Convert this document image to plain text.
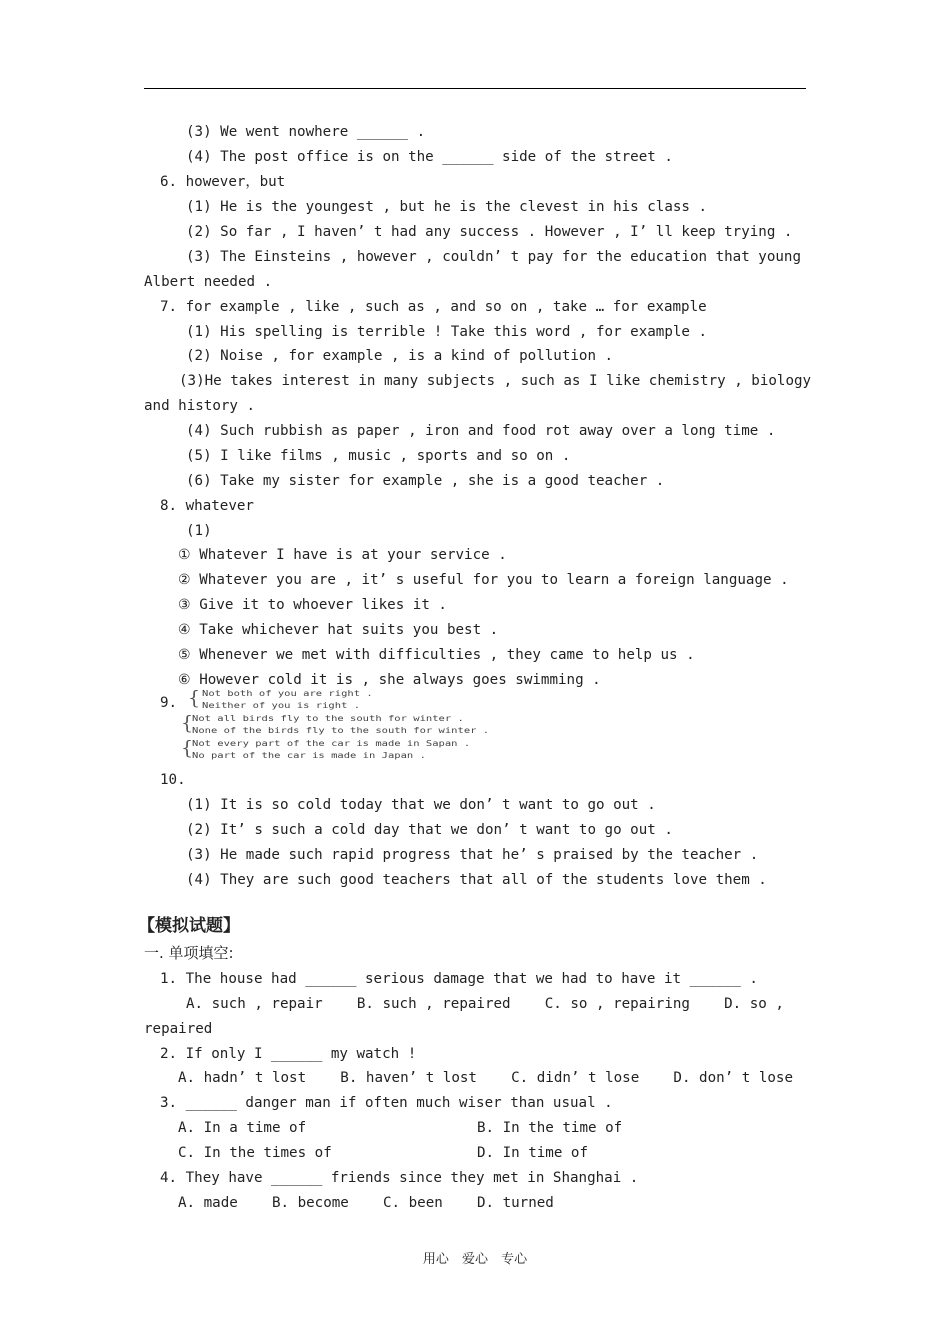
(3) We went nowhere ______ .
(4) The post office is on the ______ side of the street .
6. however，but
(1) He is the youngest , but he is the clevest in his class .
(2) So far , I haven’ t had any success . However , I’ ll keep trying .
(3) The Einsteins , however , couldn’ t pay for the education that young
Albert needed .
7. for example , like , such as , and so on , take … for example
(1) His spelling is terrible ! Take this word , for example .
(2) Noise , for example , is a kind of pollution .
(3)He takes interest in many subjects , such as I like chemistry , biology
and history .
(4) Such rubbish as paper , iron and food rot away over a long time .
(5) I like films , music , sports and so on .
(6) Take my sister for example , she is a good teacher .
8. whatever
(1)
① Whatever I have is at your service .
② Whatever you are , it’ s useful for you to learn a foreign language .
③ Give it to whoever likes it .
④ Take whichever hat suits you best .
⑤ Whenever we met with difficulties , they came to help us .
⑥ However cold it is , she always goes swimming .
9. { Not both of you are right .
Neither of you is right .
{
Not all birds fly to the south for winter .
None of the birds fly to the south for winter .
{
Not every part of the car is made in Sapan .
No part of the car is made in Japan .
10.
(1) It is so cold today that we don’ t want to go out .
(2) It’ s such a cold day that we don’ t want to go out .
(3) He made such rapid progress that he’ s praised by the teacher .
(4) They are such good teachers that all of the students love them .
【模拟试题】
一. 单项填空:
1. The house had ______ serious damage that we had to have it ______ .
A. such , repair    B. such , repaired    C. so , repairing    D. so ,
repaired
2. If only I ______ my watch !
A. hadn’ t lost    B. haven’ t lost    C. didn’ t lose    D. don’ t lose
3. ______ danger man if often much wiser than usual .
A. In a time of                    B. In the time of
C. In the times of                 D. In time of
4. They have ______ friends since they met in Shanghai .
A. made    B. become    C. been    D. turned
用心 爱心 专心
